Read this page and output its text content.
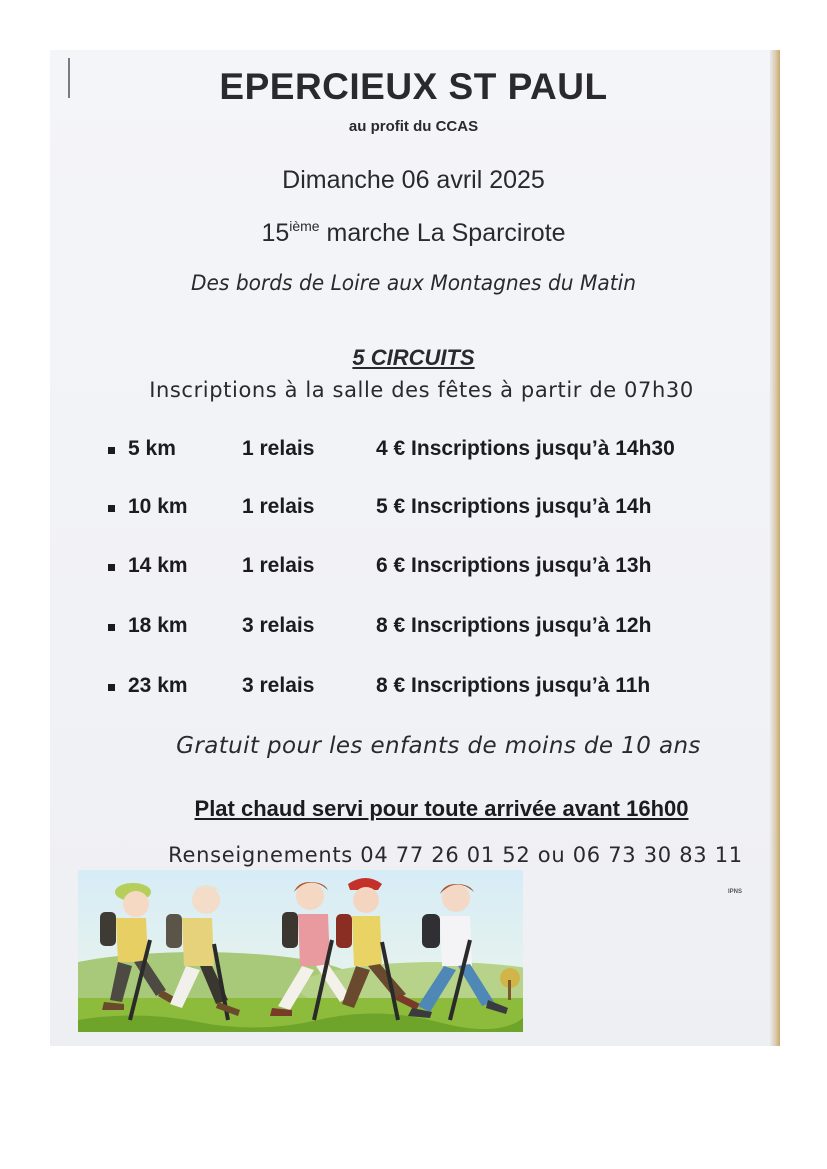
EPERCIEUX ST PAUL
au profit du CCAS
Dimanche 06 avril 2025
15ième marche La Sparcirote
Des bords de Loire aux Montagnes du Matin
5 CIRCUITS
Inscriptions à la salle des fêtes à partir de 07h30
5 km	1 relais	4 € Inscriptions jusqu’à 14h30
10 km	1 relais	5 € Inscriptions jusqu’à 14h
14 km	1 relais	6 € Inscriptions jusqu’à 13h
18 km	3 relais	8 € Inscriptions jusqu’à 12h
23 km	3 relais	8 € Inscriptions jusqu’à 11h
Gratuit pour les enfants de moins de 10 ans
Plat chaud servi pour toute arrivée avant 16h00
Renseignements 04 77 26 01 52 ou 06 73 30 83 11
IPNS
